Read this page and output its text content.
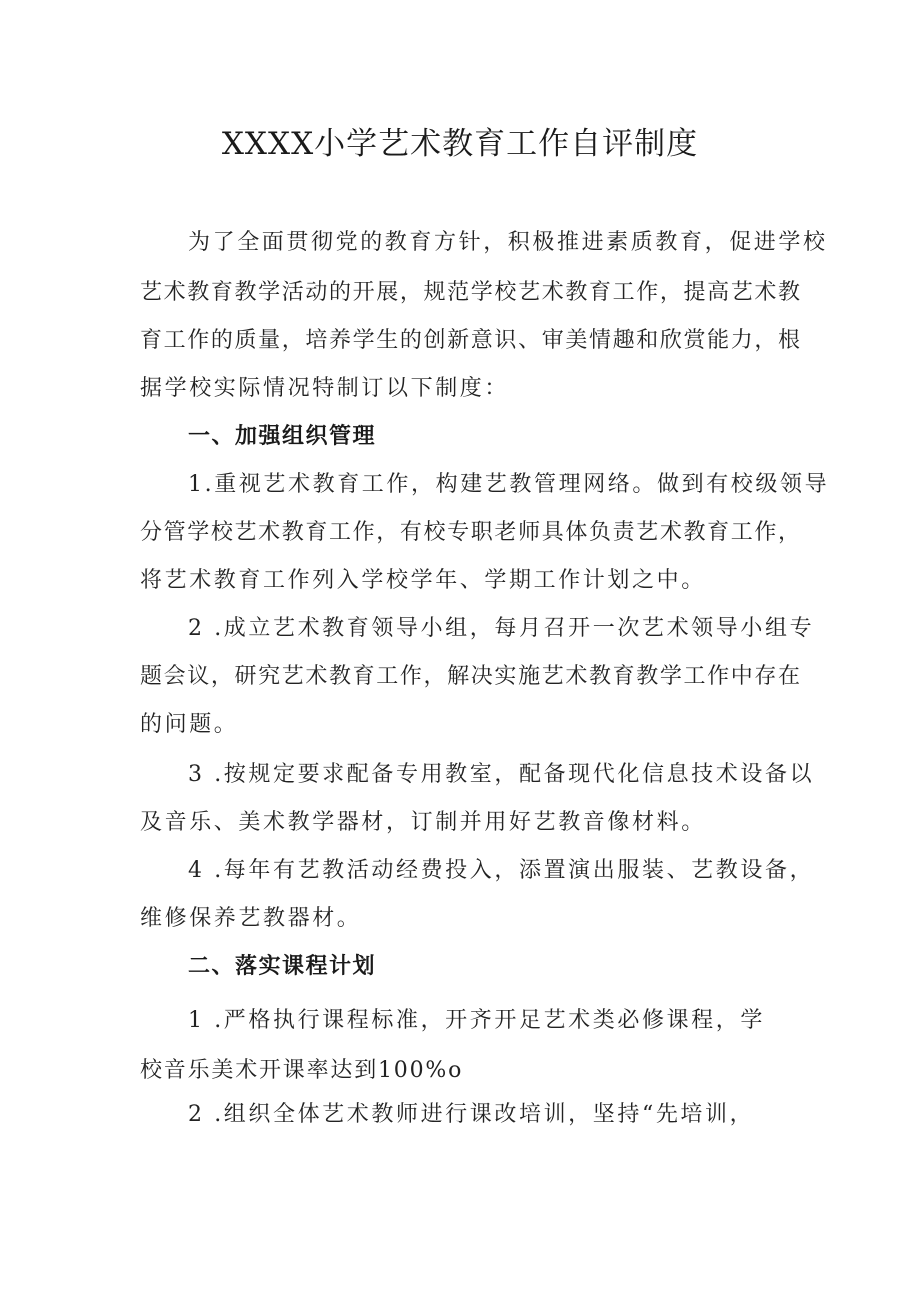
XXXX小学艺术教育工作自评制度
为了全面贯彻党的教育方针，积极推进素质教育，促进学校
艺术教育教学活动的开展，规范学校艺术教育工作，提高艺术教
育工作的质量，培养学生的创新意识、审美情趣和欣赏能力，根
据学校实际情况特制订以下制度：
一、加强组织管理
1.重视艺术教育工作，构建艺教管理网络。做到有校级领导
分管学校艺术教育工作，有校专职老师具体负责艺术教育工作，
将艺术教育工作列入学校学年、学期工作计划之中。
2 .成立艺术教育领导小组，每月召开一次艺术领导小组专
题会议，研究艺术教育工作，解决实施艺术教育教学工作中存在
的问题。
3 .按规定要求配备专用教室，配备现代化信息技术设备以
及音乐、美术教学器材，订制并用好艺教音像材料。
4 .每年有艺教活动经费投入，添置演出服装、艺教设备，
维修保养艺教器材。
二、落实课程计划
1 .严格执行课程标准，开齐开足艺术类必修课程，学
校音乐美术开课率达到100%o
2 .组织全体艺术教师进行课改培训，坚持“先培训，
